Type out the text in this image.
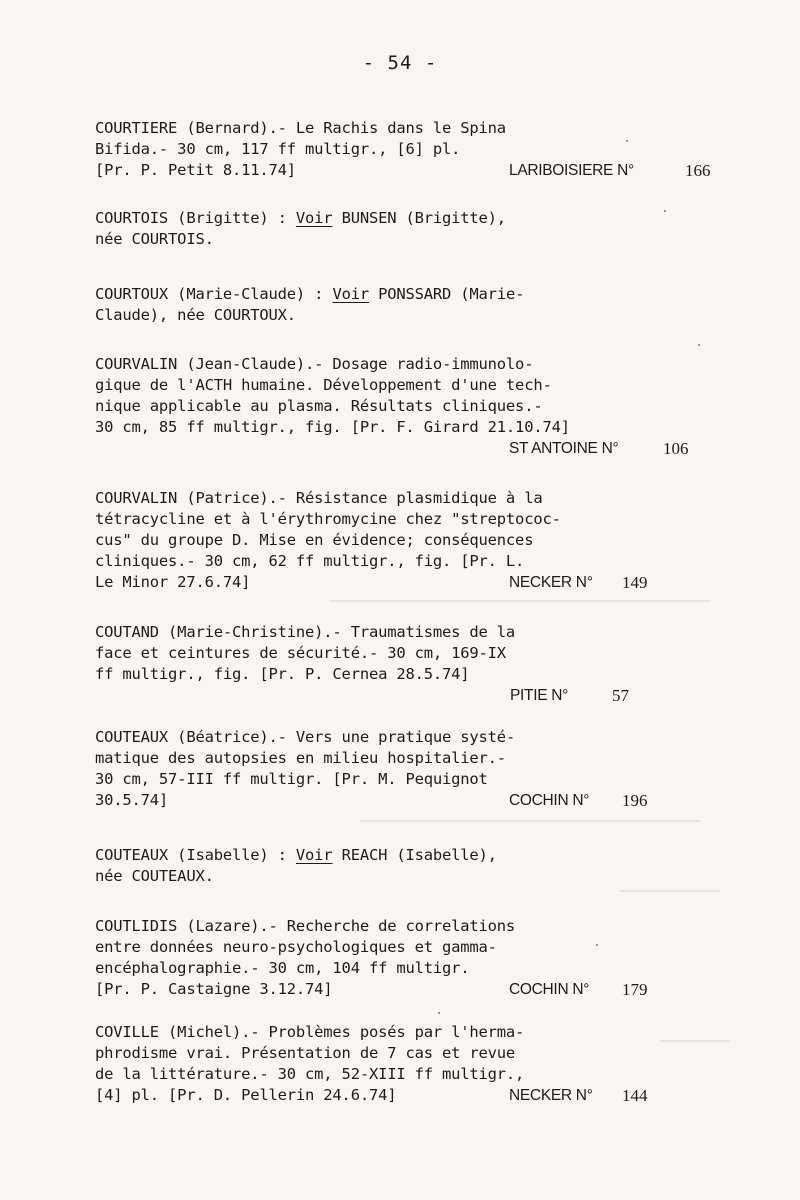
- 54 -
COURTIERE (Bernard).- Le Rachis dans le Spina
Bifida.- 30 cm, 117 ff multigr., [6] pl.
[Pr. P. Petit 8.11.74]	LARIBOISIERE N°	166
COURTOIS (Brigitte) : Voir BUNSEN (Brigitte),
née COURTOIS.
COURTOUX (Marie-Claude) : Voir PONSSARD (Marie-
Claude), née COURTOUX.
COURVALIN (Jean-Claude).- Dosage radio-immunolo-
gique de l'ACTH humaine. Développement d'une tech-
nique applicable au plasma. Résultats cliniques.-
30 cm, 85 ff multigr., fig. [Pr. F. Girard 21.10.74]
ST ANTOINE N°	106
COURVALIN (Patrice).- Résistance plasmidique à la
tétracycline et à l'érythromycine chez "streptococ-
cus" du groupe D. Mise en évidence; conséquences
cliniques.- 30 cm, 62 ff multigr., fig. [Pr. L.
Le Minor 27.6.74]	NECKER N° 149
COUTAND (Marie-Christine).- Traumatismes de la
face et ceintures de sécurité.- 30 cm, 169-IX
ff multigr., fig. [Pr. P. Cernea 28.5.74]
PITIE N°	57
COUTEAUX (Béatrice).- Vers une pratique systé-
matique des autopsies en milieu hospitalier.-
30 cm, 57-III ff multigr. [Pr. M. Pequignot
30.5.74]	COCHIN N° 196
COUTEAUX (Isabelle) : Voir REACH (Isabelle),
née COUTEAUX.
COUTLIDIS (Lazare).- Recherche de correlations
entre données neuro-psychologiques et gamma-
encéphalographie.- 30 cm, 104 ff multigr.
[Pr. P. Castaigne 3.12.74]	COCHIN N° 179
COVILLE (Michel).- Problèmes posés par l'herma-
phrodisme vrai. Présentation de 7 cas et revue
de la littérature.- 30 cm, 52-XIII ff multigr.,
[4] pl. [Pr. D. Pellerin 24.6.74]	NECKER N° 144
